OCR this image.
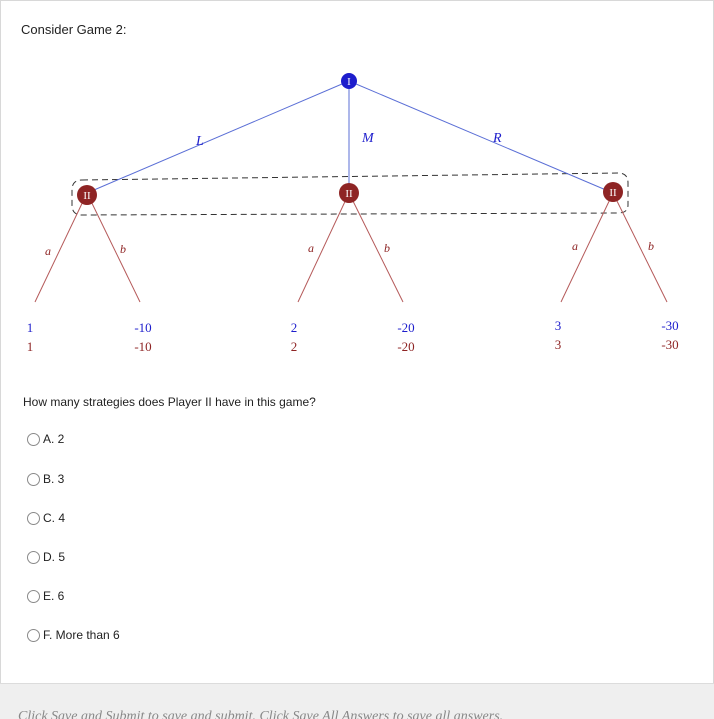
Consider Game 2:
L	M	R
a	b	a	b	a	b
I
II	II	II
1
1
-10
-10
2
2
-20
-20
3
3
-30
-30
How many strategies does Player II have in this game?
A. 2
B. 3
C. 4
D. 5
E. 6
F. More than 6
Click Save and Submit to save and submit. Click Save All Answers to save all answers.
